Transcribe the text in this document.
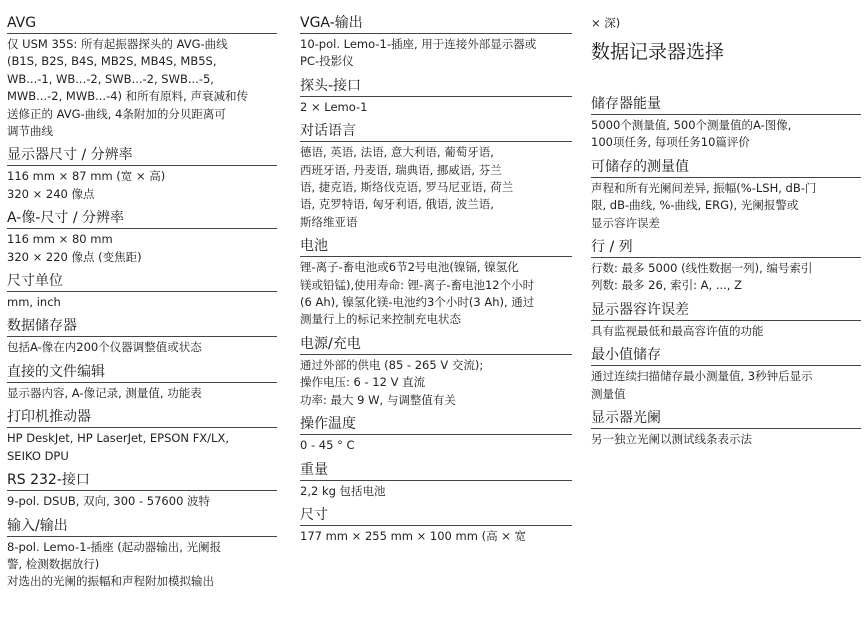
AVG
仅 USM 35S: 所有起振器探头的 AVG-曲线
(B1S, B2S, B4S, MB2S, MB4S, MB5S,
WB...-1, WB...-2, SWB...-2, SWB...-5,
MWB...-2, MWB...-4) 和所有原料, 声衰减和传
送修正的 AVG-曲线, 4条附加的分贝距离可
调节曲线
显示器尺寸 / 分辨率
116 mm × 87 mm (宽 × 高)
320 × 240 像点
A-像-尺寸 / 分辨率
116 mm × 80 mm
320 × 220 像点 (变焦距)
尺寸单位
mm, inch
数据储存器
包括A-像在内200个仪器调整值或状态
直接的文件编辑
显示器内容, A-像记录, 测量值, 功能表
打印机推动器
HP DeskJet, HP LaserJet, EPSON FX/LX,
SEIKO DPU
RS 232-接口
9-pol. DSUB, 双向, 300 - 57600 波特
输入/输出
8-pol. Lemo-1-插座 (起动器输出, 光阑报
警, 检测数据放行)
对选出的光阑的振幅和声程附加模拟输出
VGA-输出
10-pol. Lemo-1-插座, 用于连接外部显示器或
PC-投影仪
探头-接口
2 × Lemo-1
对话语言
德语, 英语, 法语, 意大利语, 葡萄牙语,
西班牙语, 丹麦语, 瑞典语, 挪威语, 芬兰
语, 捷克语, 斯络伐克语, 罗马尼亚语, 荷兰
语, 克罗特语, 匈牙利语, 俄语, 波兰语,
斯络维亚语
电池
锂-离子-畜电池或6节2号电池(镍镉, 镍氢化
镁或铅锰),使用寿命: 锂-离子-畜电池12个小时
(6 Ah), 镍氢化镁-电池约3个小时(3 Ah), 通过
测量行上的标记来控制充电状态
电源/充电
通过外部的供电 (85 - 265 V 交流);
操作电压: 6 - 12 V 直流
功率: 最大 9 W, 与调整值有关
操作温度
0 - 45 ° C
重量
2,2 kg 包括电池
尺寸
177 mm × 255 mm × 100 mm (高 × 宽
× 深)
数据记录器选择
储存器能量
5000个测量值, 500个测量值的A-图像,
100项任务, 每项任务10篇评价
可储存的测量值
声程和所有光阑间差异, 振幅(%-LSH, dB-门
限, dB-曲线, %-曲线, ERG), 光阑报警或
显示容许误差
行 / 列
行数: 最多 5000 (线性数据一列), 编号索引
列数: 最多 26, 索引: A, ..., Z
显示器容许误差
具有监视最低和最高容许值的功能
最小值储存
通过连续扫描储存最小测量值, 3秒钟后显示
测量值
显示器光阑
另一独立光阑以测试线条表示法
